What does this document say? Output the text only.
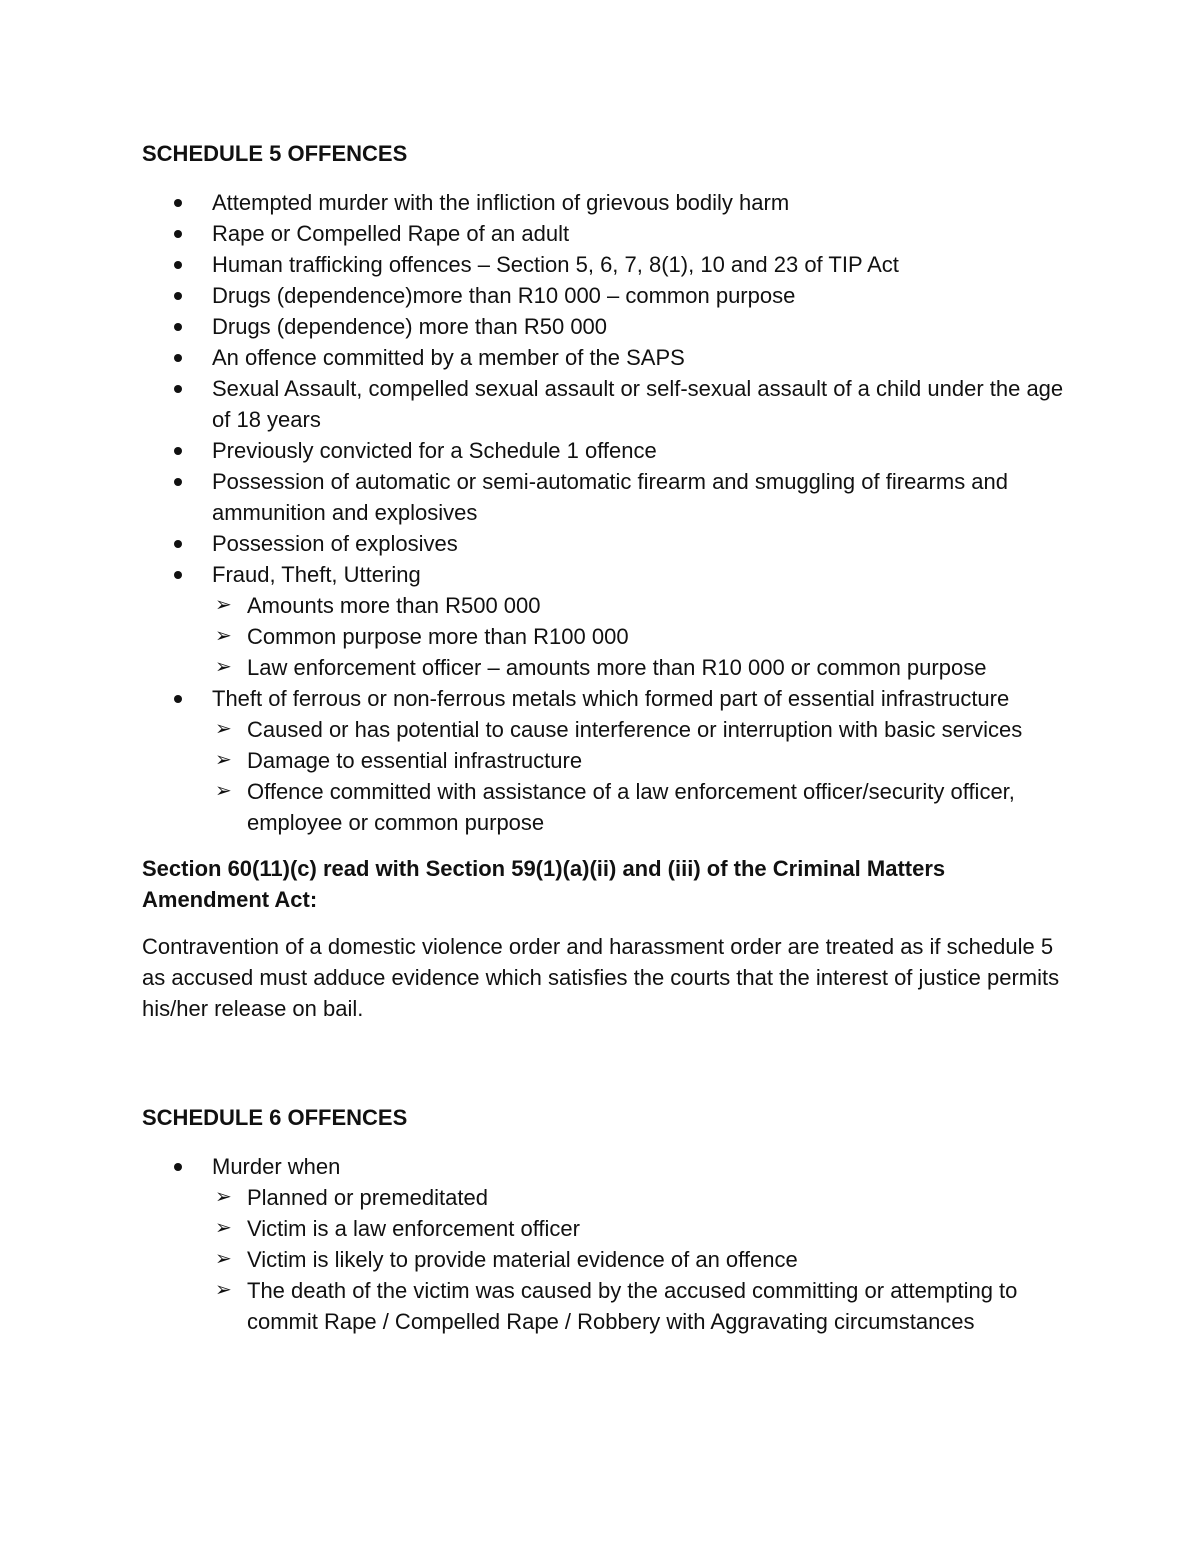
SCHEDULE 5 OFFENCES

Attempted murder with the infliction of grievous bodily harm
Rape or Compelled Rape of an adult
Human trafficking offences – Section 5, 6, 7, 8(1), 10 and 23 of TIP Act
Drugs (dependence)more than R10 000 – common purpose
Drugs (dependence) more than R50 000
An offence committed by a member of the SAPS
Sexual Assault, compelled sexual assault or self-sexual assault of a child under the age of 18 years
Previously convicted for a Schedule 1 offence
Possession of automatic or semi-automatic firearm and smuggling of firearms and ammunition and explosives
Possession of explosives
Fraud, Theft, Uttering
➢ Amounts more than R500 000
➢ Common purpose more than R100 000
➢ Law enforcement officer – amounts more than R10 000 or common purpose
Theft of ferrous or non-ferrous metals which formed part of essential infrastructure
➢ Caused or has potential to cause interference or interruption with basic services
➢ Damage to essential infrastructure
➢ Offence committed with assistance of a law enforcement officer/security officer, employee or common purpose

Section 60(11)(c) read with Section 59(1)(a)(ii) and (iii) of the Criminal Matters Amendment Act:

Contravention of a domestic violence order and harassment order are treated as if schedule 5 as accused must adduce evidence which satisfies the courts that the interest of justice permits his/her release on bail.

SCHEDULE 6 OFFENCES

Murder when
➢ Planned or premeditated
➢ Victim is a law enforcement officer
➢ Victim is likely to provide material evidence of an offence
➢ The death of the victim was caused by the accused committing or attempting to commit Rape / Compelled Rape / Robbery with Aggravating circumstances
